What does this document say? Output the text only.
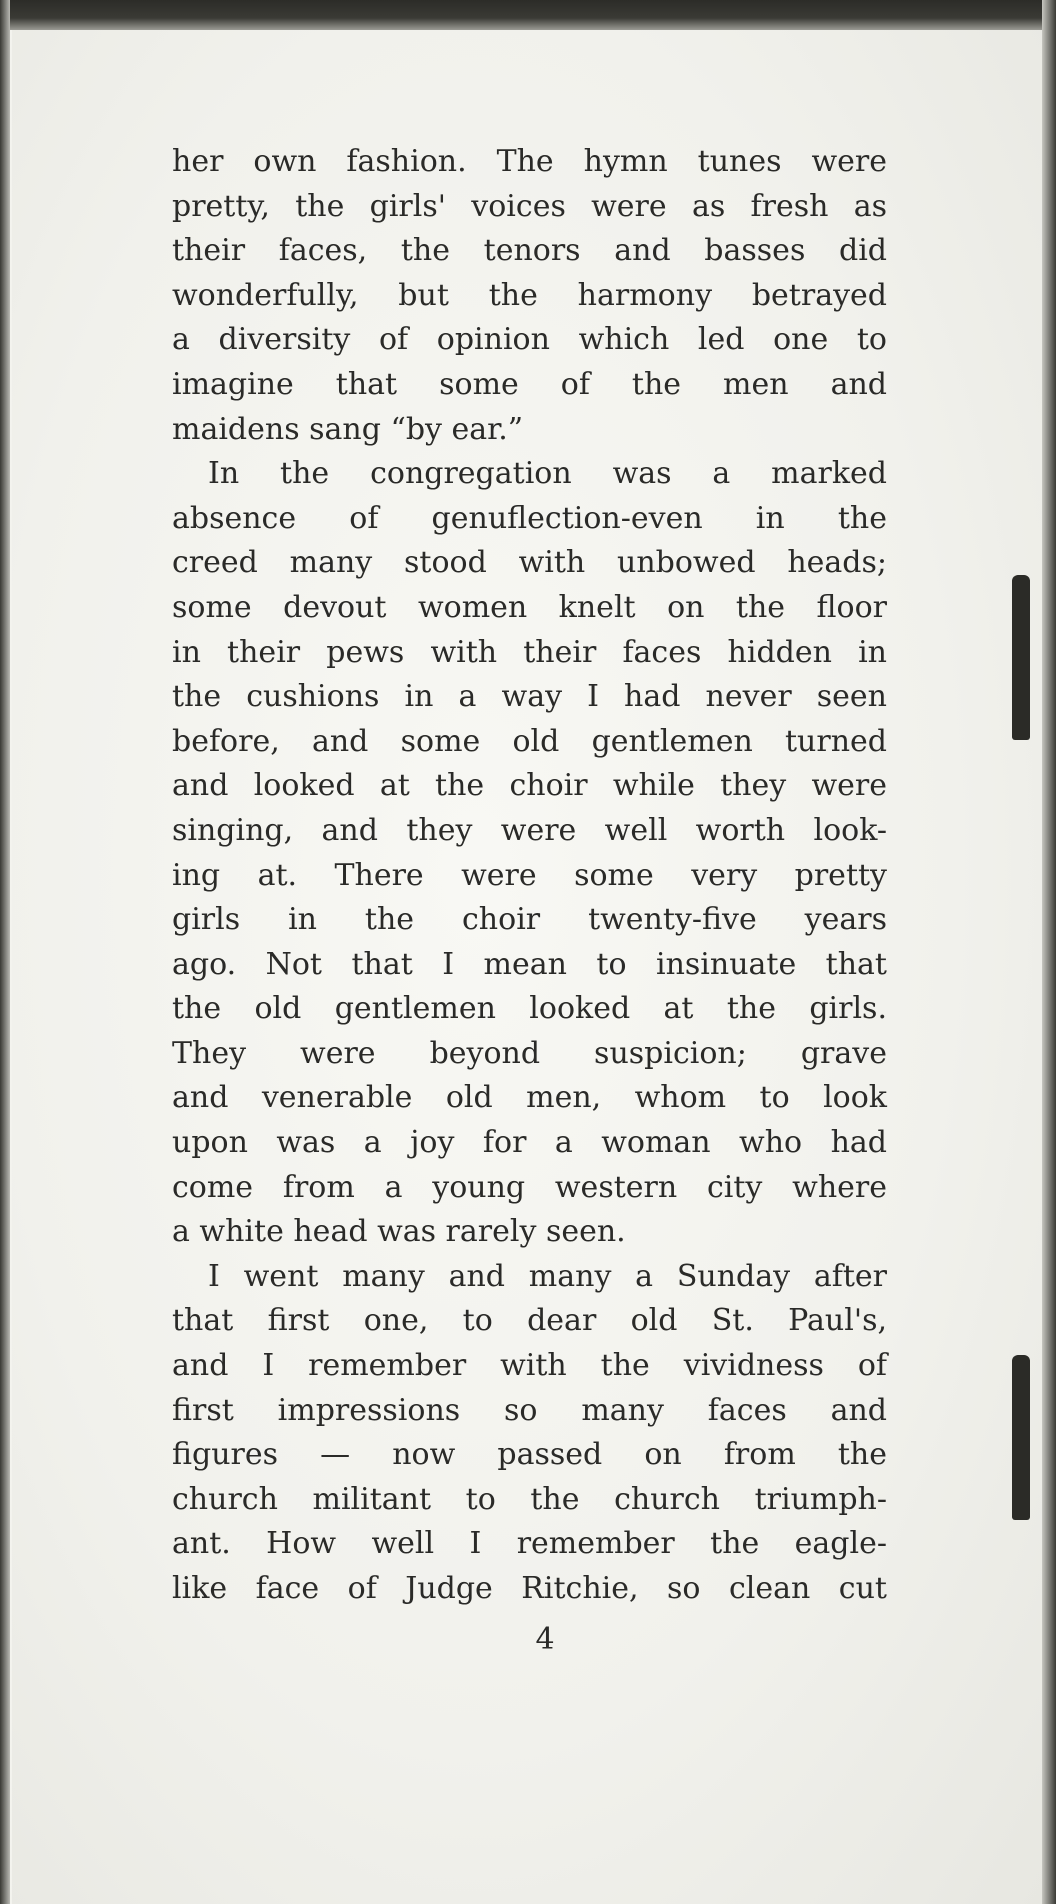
her own fashion. The hymn tunes were
pretty, the girls' voices were as fresh as
their faces, the tenors and basses did
wonderfully, but the harmony betrayed
a diversity of opinion which led one to
imagine that some of the men and
maidens sang “by ear.”
In the congregation was a marked
absence of genuflection-even in the
creed many stood with unbowed heads;
some devout women knelt on the floor
in their pews with their faces hidden in
the cushions in a way I had never seen
before, and some old gentlemen turned
and looked at the choir while they were
singing, and they were well worth look-
ing at. There were some very pretty
girls in the choir twenty-five years
ago. Not that I mean to insinuate that
the old gentlemen looked at the girls.
They were beyond suspicion; grave
and venerable old men, whom to look
upon was a joy for a woman who had
come from a young western city where
a white head was rarely seen.
I went many and many a Sunday after
that first one, to dear old St. Paul's,
and I remember with the vividness of
first impressions so many faces and
figures — now passed on from the
church militant to the church triumph-
ant. How well I remember the eagle-
like face of Judge Ritchie, so clean cut
4
